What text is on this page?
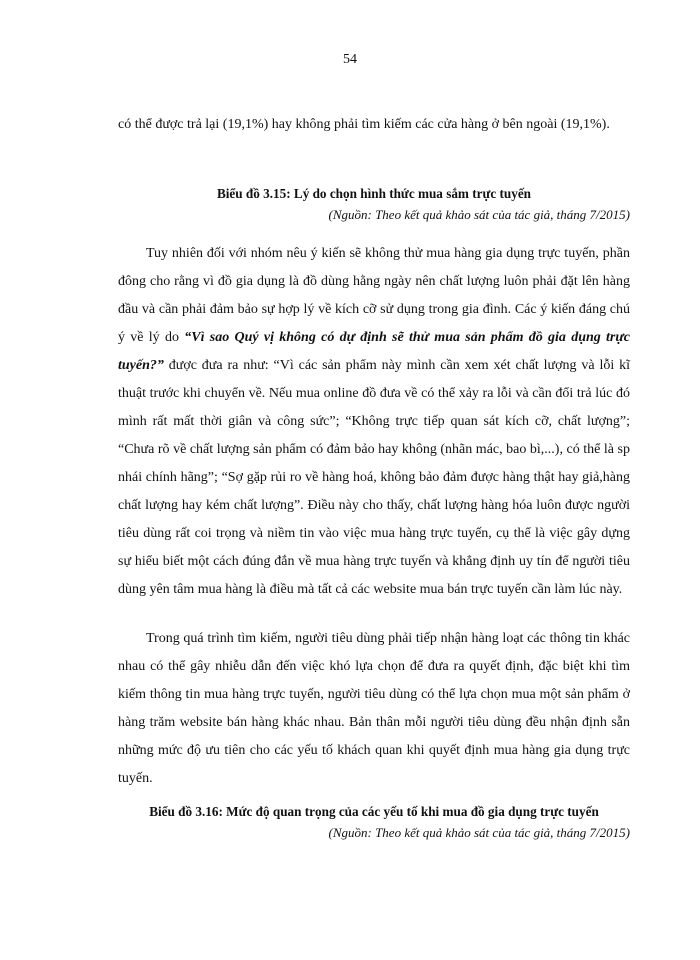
54

có thể được trả lại (19,1%) hay không phải tìm kiếm các cửa hàng ở bên ngoài (19,1%).

Biểu đồ 3.15: Lý do chọn hình thức mua sắm trực tuyến

(Nguồn: Theo kết quả khảo sát của tác giả, tháng 7/2015)

Tuy nhiên đối với nhóm nêu ý kiến sẽ không thử mua hàng gia dụng trực tuyến, phần đông cho rằng vì đồ gia dụng là đồ dùng hằng ngày nên chất lượng luôn phải đặt lên hàng đầu và cần phải đảm bảo sự hợp lý về kích cỡ sử dụng trong gia đình. Các ý kiến đáng chú ý về lý do “Vì sao Quý vị không có dự định sẽ thử mua sản phẩm đồ gia dụng trực tuyến?” được đưa ra như: “Vì các sản phẩm này mình cần xem xét chất lượng và lỗi kĩ thuật trước khi chuyển về. Nếu mua online đồ đưa về có thể xảy ra lỗi và cần đổi trả lúc đó mình rất mất thời giân và công sức”; “Không trực tiếp quan sát kích cỡ, chất lượng”; “Chưa rõ về chất lượng sản phẩm có đảm bảo hay không (nhãn mác, bao bì,...), có thể là sp nhái chính hãng”; “Sợ gặp rủi ro về hàng hoá, không bảo đảm được hàng thật hay giả,hàng chất lượng hay kém chất lượng”. Điều này cho thấy, chất lượng hàng hóa luôn được người tiêu dùng rất coi trọng và niềm tin vào việc mua hàng trực tuyến, cụ thể là việc gây dựng sự hiểu biết một cách đúng đắn về mua hàng trực tuyến và khẳng định uy tín để người tiêu dùng yên tâm mua hàng là điều mà tất cả các website mua bán trực tuyến cần làm lúc này.

Trong quá trình tìm kiếm, người tiêu dùng phải tiếp nhận hàng loạt các thông tin khác nhau có thể gây nhiễu dẫn đến việc khó lựa chọn để đưa ra quyết định, đặc biệt khi tìm kiếm thông tin mua hàng trực tuyến, người tiêu dùng có thể lựa chọn mua một sản phẩm ở hàng trăm website bán hàng khác nhau. Bản thân mỗi người tiêu dùng đều nhận định sẵn những mức độ ưu tiên cho các yếu tố khách quan khi quyết định mua hàng gia dụng trực tuyến.

Biểu đồ 3.16: Mức độ quan trọng của các yếu tố khi mua đồ gia dụng trực tuyến

(Nguồn: Theo kết quả khảo sát của tác giả, tháng 7/2015)
